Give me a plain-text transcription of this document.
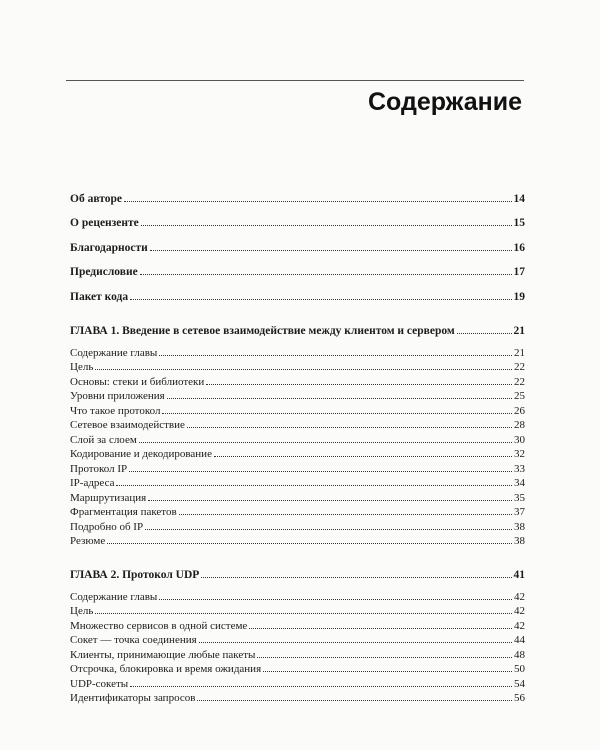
Содержание
Об авторе	14
О рецензенте	15
Благодарности	16
Предисловие	17
Пакет кода	19
ГЛАВА 1. Введение в сетевое взаимодействие между клиентом и сервером	21
Содержание главы	21
Цель	22
Основы: стеки и библиотеки	22
Уровни приложения	25
Что такое протокол	26
Сетевое взаимодействие	28
Слой за слоем	30
Кодирование и декодирование	32
Протокол IP	33
IP-адреса	34
Маршрутизация	35
Фрагментация пакетов	37
Подробно об IP	38
Резюме	38
ГЛАВА 2. Протокол UDP	41
Содержание главы	42
Цель	42
Множество сервисов в одной системе	42
Сокет — точка соединения	44
Клиенты, принимающие любые пакеты	48
Отсрочка, блокировка и время ожидания	50
UDP-сокеты	54
Идентификаторы запросов	56
